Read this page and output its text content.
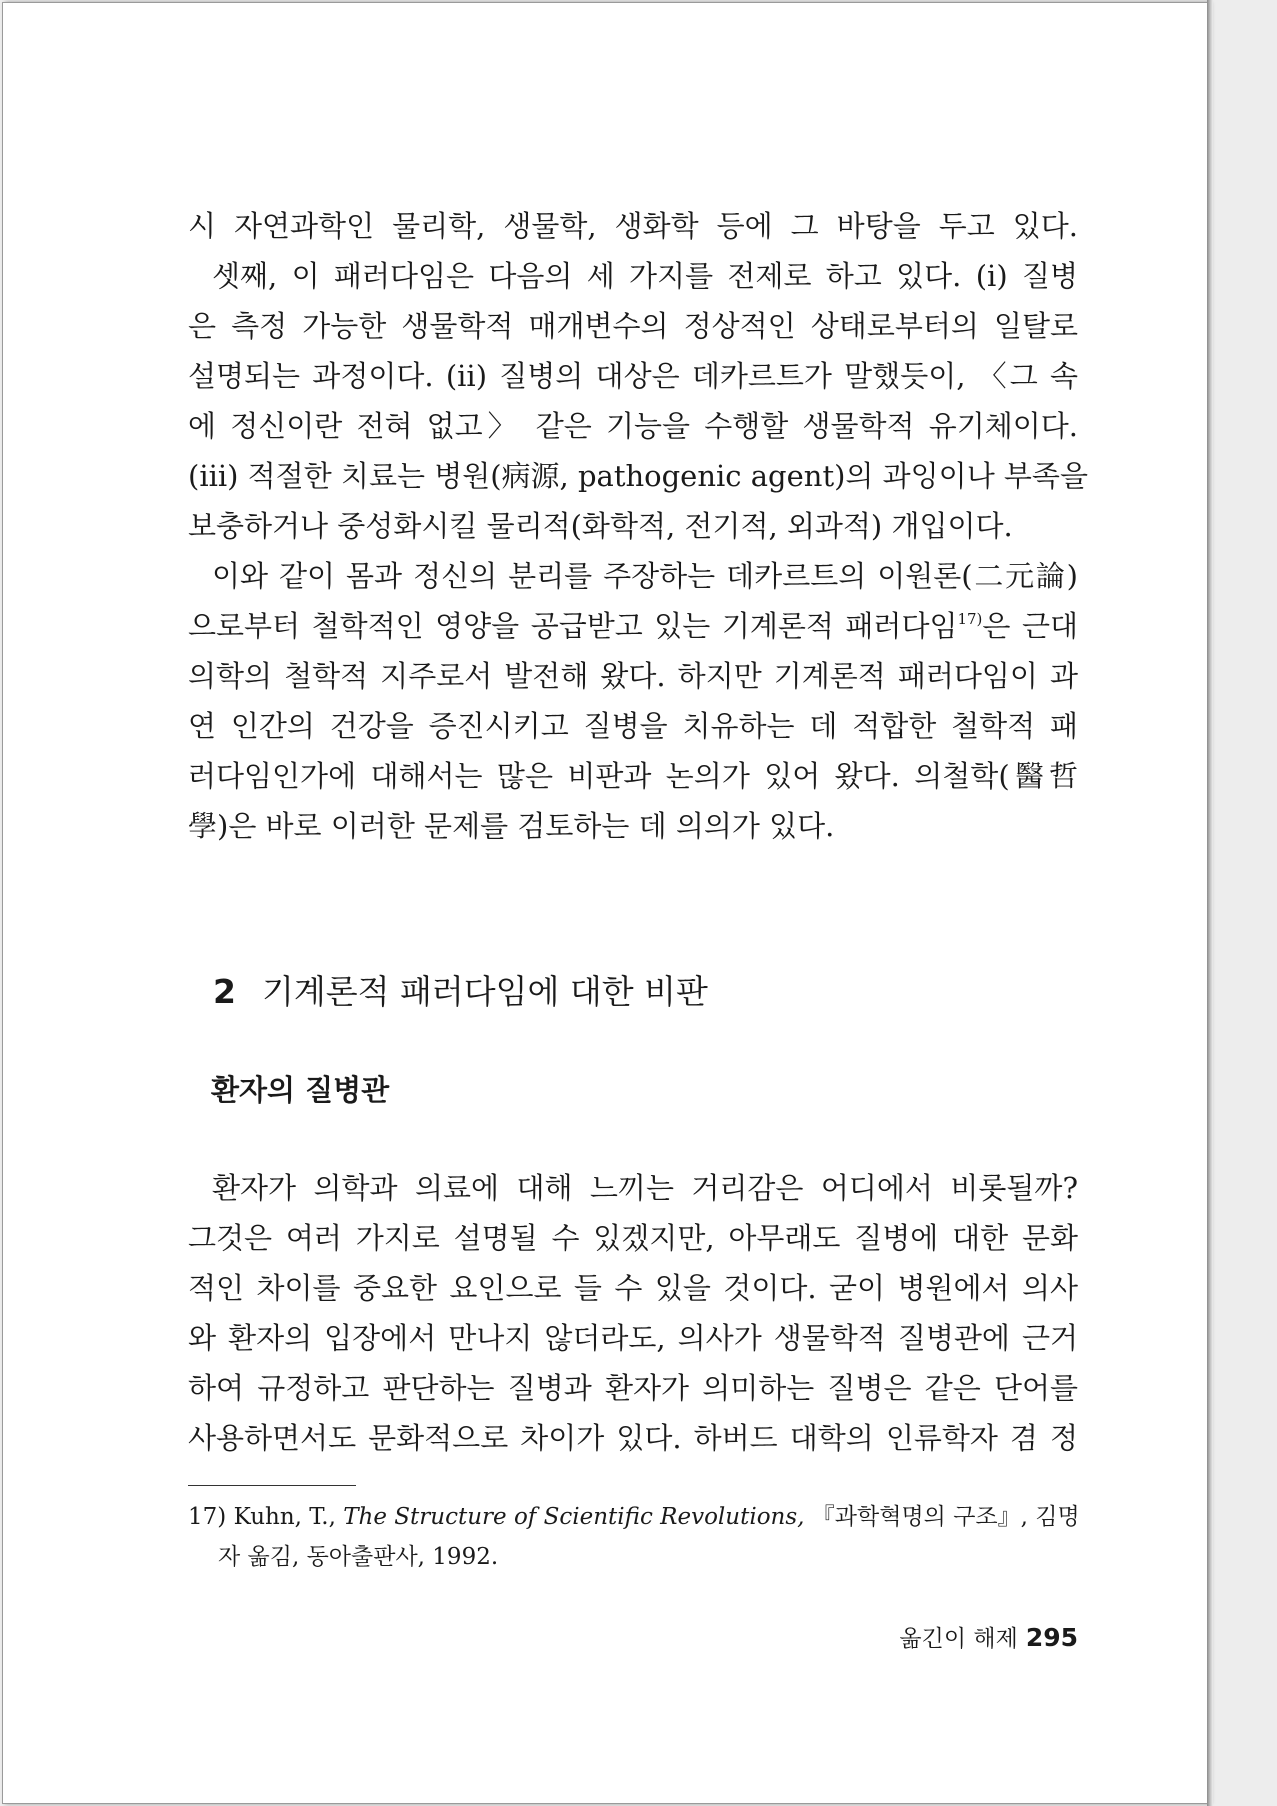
시 자연과학인 물리학, 생물학, 생화학 등에 그 바탕을 두고 있다.
셋째, 이 패러다임은 다음의 세 가지를 전제로 하고 있다. (i) 질병
은 측정 가능한 생물학적 매개변수의 정상적인 상태로부터의 일탈로
설명되는 과정이다. (ii) 질병의 대상은 데카르트가 말했듯이, 〈그 속
에 정신이란 전혀 없고〉 같은 기능을 수행할 생물학적 유기체이다.
(iii) 적절한 치료는 병원(病源, pathogenic agent)의 과잉이나 부족을
보충하거나 중성화시킬 물리적(화학적, 전기적, 외과적) 개입이다.
이와 같이 몸과 정신의 분리를 주장하는 데카르트의 이원론(二元論)
으로부터 철학적인 영양을 공급받고 있는 기계론적 패러다임$^{17)}$은 근대
의학의 철학적 지주로서 발전해 왔다. 하지만 기계론적 패러다임이 과
연 인간의 건강을 증진시키고 질병을 치유하는 데 적합한 철학적 패
러다임인가에 대해서는 많은 비판과 논의가 있어 왔다. 의철학(醫哲
學)은 바로 이러한 문제를 검토하는 데 의의가 있다.
2 기계론적 패러다임에 대한 비판
환자의 질병관
환자가 의학과 의료에 대해 느끼는 거리감은 어디에서 비롯될까?
그것은 여러 가지로 설명될 수 있겠지만, 아무래도 질병에 대한 문화
적인 차이를 중요한 요인으로 들 수 있을 것이다. 굳이 병원에서 의사
와 환자의 입장에서 만나지 않더라도, 의사가 생물학적 질병관에 근거
하여 규정하고 판단하는 질병과 환자가 의미하는 질병은 같은 단어를
사용하면서도 문화적으로 차이가 있다. 하버드 대학의 인류학자 겸 정
17) Kuhn, T., The Structure of Scientific Revolutions, 『과학혁명의 구조』, 김명
자 옮김, 동아출판사, 1992.
옮긴이 해제 295
